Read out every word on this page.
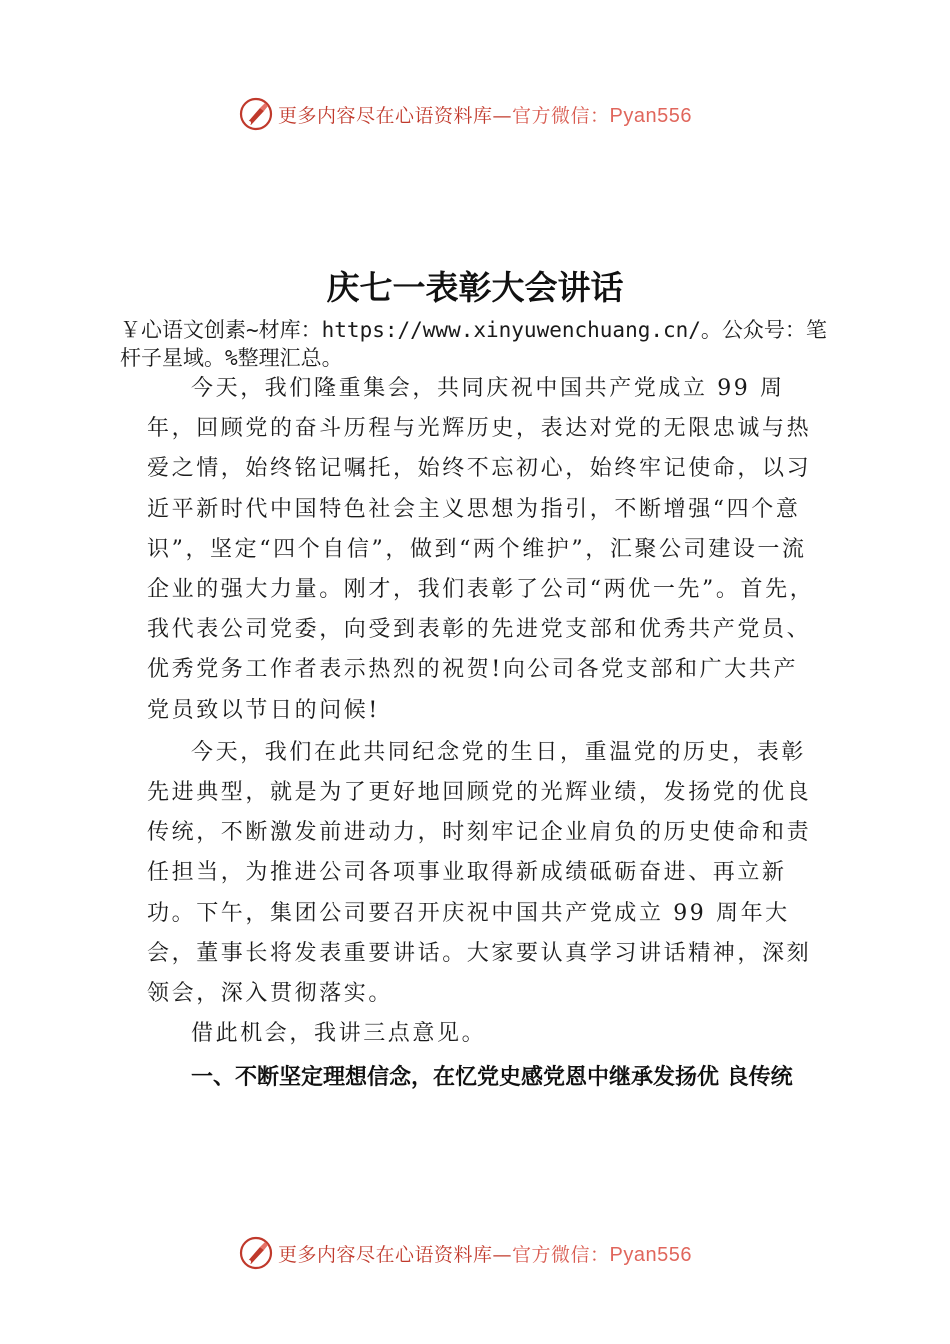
更多内容尽在心语资料库—官方微信：Pyan556
庆七一表彰大会讲话

￥心语文创素~材库：https://www.xinyuwenchuang.cn/。公众号：笔杆子星域。%整理汇总。

今天，我们隆重集会，共同庆祝中国共产党成立 99 周年，回顾党的奋斗历程与光辉历史，表达对党的无限忠诚与热爱之情，始终铭记嘱托，始终不忘初心，始终牢记使命，以习近平新时代中国特色社会主义思想为指引，不断增强“四个意识”，坚定“四个自信”，做到“两个维护”，汇聚公司建设一流企业的强大力量。刚才，我们表彰了公司“两优一先”。首先，我代表公司党委，向受到表彰的先进党支部和优秀共产党员、优秀党务工作者表示热烈的祝贺!向公司各党支部和广大共产党员致以节日的问候!

今天，我们在此共同纪念党的生日，重温党的历史，表彰先进典型，就是为了更好地回顾党的光辉业绩，发扬党的优良传统，不断激发前进动力，时刻牢记企业肩负的历史使命和责任担当，为推进公司各项事业取得新成绩砥砺奋进、再立新功。下午，集团公司要召开庆祝中国共产党成立 99 周年大会，董事长将发表重要讲话。大家要认真学习讲话精神，深刻领会，深入贯彻落实。

借此机会，我讲三点意见。

一、不断坚定理想信念，在忆党史感党恩中继承发扬优 良传统

更多内容尽在心语资料库—官方微信：Pyan556
